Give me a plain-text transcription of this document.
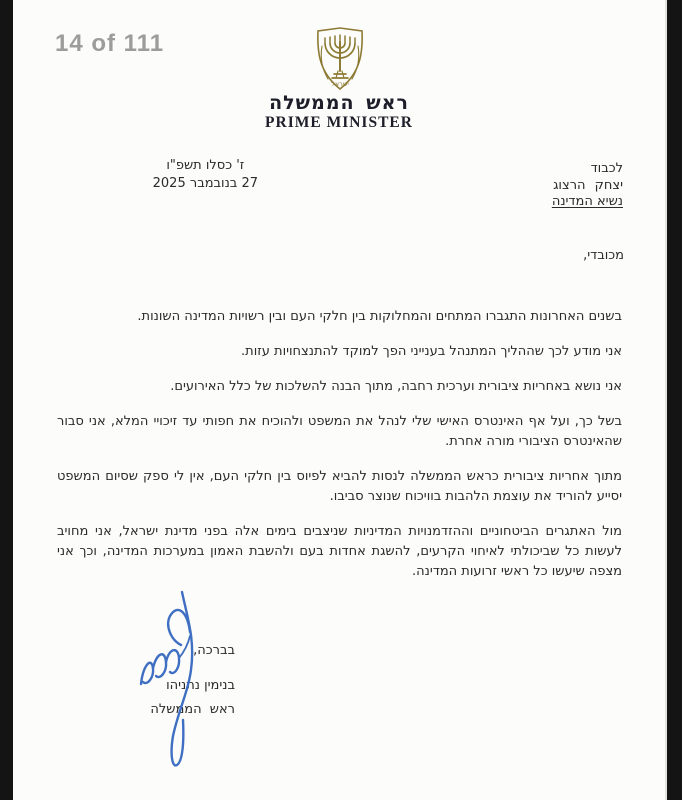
14 of 111
ישראל
ראש הממשלה
PRIME MINISTER
ז' כסלו תשפ"ו
27 בנובמבר 2025
לכבוד
יצחק הרצוג
נשיא המדינה
מכובדי,

בשנים האחרונות התגברו המתחים והמחלוקות בין חלקי העם ובין רשויות המדינה השונות.

אני מודע לכך שההליך המתנהל בענייני הפך למוקד להתנצחויות עזות.

אני נושא באחריות ציבורית וערכית רחבה, מתוך הבנה להשלכות של כלל האירועים.

בשל כך, ועל אף האינטרס האישי שלי לנהל את המשפט ולהוכיח את חפותי עד זיכויי המלא, אני סבור שהאינטרס הציבורי מורה אחרת.

מתוך אחריות ציבורית כראש הממשלה לנסות להביא לפיוס בין חלקי העם, אין לי ספק שסיום המשפט יסייע להוריד את עוצמת הלהבות בוויכוח שנוצר סביבו.

מול האתגרים הביטחוניים וההזדמנויות המדיניות שניצבים בימים אלה בפני מדינת ישראל, אני מחויב לעשות כל שביכולתי לאיחוי הקרעים, להשגת אחדות בעם ולהשבת האמון במערכות המדינה, וכך אני מצפה שיעשו כל ראשי זרועות המדינה.

בברכה,
בנימין נתניהו
ראש הממשלה
